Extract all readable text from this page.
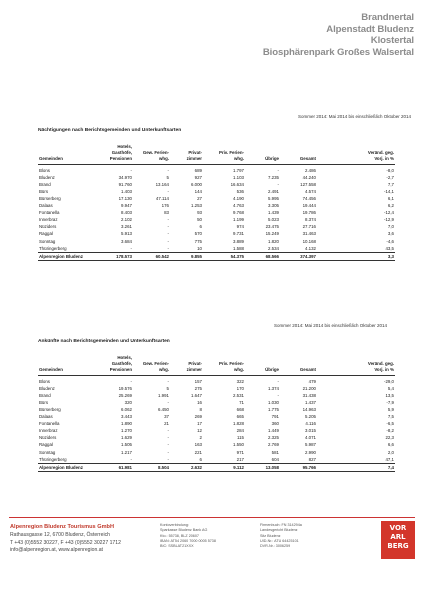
Brandnertal
Alpenstadt Bludenz
Klostertal
Biosphärenpark Großes Walsertal
Sommer 2014: Mai 2014 bis einschließlich Oktober 2014
Nächtigungen nach Berichtsgemeinden und Unterkunftsarten
Gemeinden	Hotels,
Gasthöfe,
Pensionen	Gew. Ferien-
whg.	Privat-
zimmer	Priv. Ferien-
whg.	Übrige	Gesamt	Veränd. geg.
Vorj. in %
Blons	-	-	689	1.797	-	2.486	-8,0
Bludenz	34.970	5	927	1.103	7.235	44.240	-2,7
Brand	91.760	13.164	6.000	16.634	-	127.558	7,7
Bürs	1.403	-	144	536	2.491	4.574	-14,1
Bürserberg	17.130	47.114	27	4.190	5.995	74.456	6,1
Dalaas	9.947	176	1.253	4.763	3.305	19.444	6,2
Fontanella	8.403	83	93	9.768	1.439	19.786	-12,4
Innerbraz	2.102	-	50	1.199	5.023	8.374	-12,9
Nüziders	3.261	-	6	974	23.475	27.716	7,0
Raggal	5.913	-	570	9.731	15.249	31.463	3,6
Sonntag	3.684	-	775	3.889	1.820	10.168	-4,6
Thüringerberg	-	-	10	1.588	2.534	4.132	43,5
Alpenregion Bludenz	178.573	60.542	9.855	54.375	68.566	374.397	3,3
Sommer 2014: Mai 2014 bis einschließlich Oktober 2014
Ankünfte nach Berichtsgemeinden und Unterkunftsarten
Gemeinden	Hotels,
Gasthöfe,
Pensionen	Gew. Ferien-
whg.	Privat-
zimmer	Priv. Ferien-
whg.	Übrige	Gesamt	Veränd. geg.
Vorj. in %
Blons	-	-	157	322	-	479	-29,0
Bludenz	19.576	5	275	170	1.374	21.200	5,4
Brand	25.269	1.991	1.647	2.531	-	31.438	13,5
Bürs	320	-	16	71	1.030	1.437	-7,9
Bürserberg	6.062	6.450	8	668	1.775	14.963	5,9
Dalaas	3.443	37	269	665	791	5.205	7,5
Fontanella	1.890	21	17	1.828	360	4.116	-6,5
Innerbraz	1.270	-	12	284	1.449	3.015	-8,2
Nüziders	1.629	-	2	115	2.325	4.071	22,3
Raggal	1.505	-	163	1.550	2.769	5.987	6,6
Sonntag	1.217	-	221	971	581	2.990	2,0
Thüringerberg	-	-	6	217	604	827	47,1
Alpenregion Bludenz	61.981	8.504	2.632	9.112	13.058	95.766	7,4
Alpenregion Bludenz Tourismus GmbH
Rathausgasse 12, 6700 Bludenz, Österreich
T +43 (0)5552 30227, F +43 (0)5552 30227 1712
info@alpenregion.at, www.alpenregion.at
Kontoverbindung:
Sparkasse Bludenz Bank AG
Kto.: 55738, BLZ 20607
IBAN: AT54 2060 7000 0005 5738
BIC: SSBLAT21XXX
Firmenbuch: FN 314294a
Landesgericht Bludenz
Sitz Bludenz
UID-Nr.: ATU 64425101
DVR-Nr.: 3006259
VOR
ARL
BERG
